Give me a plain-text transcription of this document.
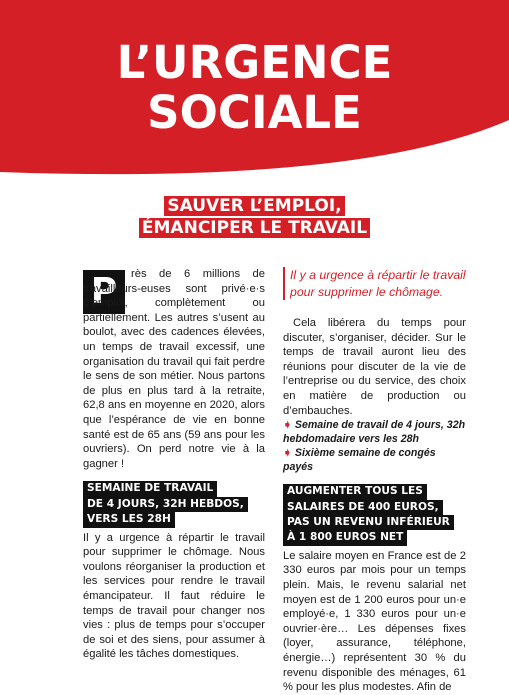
L’URGENCE
SOCIALE
SAUVER L’EMPLOI,
ÉMANCIPER LE TRAVAIL
P	rès de 6 millions de travailleurs-euses sont privé·e·s d’emploi, complètement ou partiellement. Les autres s’usent au boulot, avec des cadences élevées, un temps de travail excessif, une organisation du travail qui fait perdre le sens de son métier. Nous partons de plus en plus tard à la retraite, 62,8 ans en moyenne en 2020, alors que l’espérance de vie en bonne santé est de 65 ans (59 ans pour les ouvriers). On perd notre vie à la gagner !

SEMAINE DE TRAVAIL
DE 4 JOURS, 32H HEBDOS,
VERS LES 28H

Il y a urgence à répartir le travail pour supprimer le chômage. Nous voulons réorganiser la production et les services pour rendre le travail émancipateur. Il faut réduire le temps de travail pour changer nos vies : plus de temps pour s’occuper de soi et des siens, pour assumer à égalité les tâches domestiques.

Il y a urgence à répartir le travail pour supprimer le chômage.

Cela libérera du temps pour discuter, s’organiser, décider. Sur le temps de travail auront lieu des réunions pour discuter de la vie de l’entreprise ou du service, des choix en matière de production ou d’embauches.

➧ Semaine de travail de 4 jours, 32h hebdomadaire vers les 28h
➧ Sixième semaine de congés payés
AUGMENTER TOUS LES
SALAIRES DE 400 EUROS,
PAS UN REVENU INFÉRIEUR
À 1 800 EUROS NET

Le salaire moyen en France est de 2 330 euros par mois pour un temps plein. Mais, le revenu salarial net moyen est de 1 200 euros pour un·e employé·e, 1 330 euros pour un·e ouvrier·ère… Les dépenses fixes (loyer, assurance, téléphone, énergie…) représentent 30 % du revenu disponible des ménages, 61 % pour les plus modestes. Afin de
